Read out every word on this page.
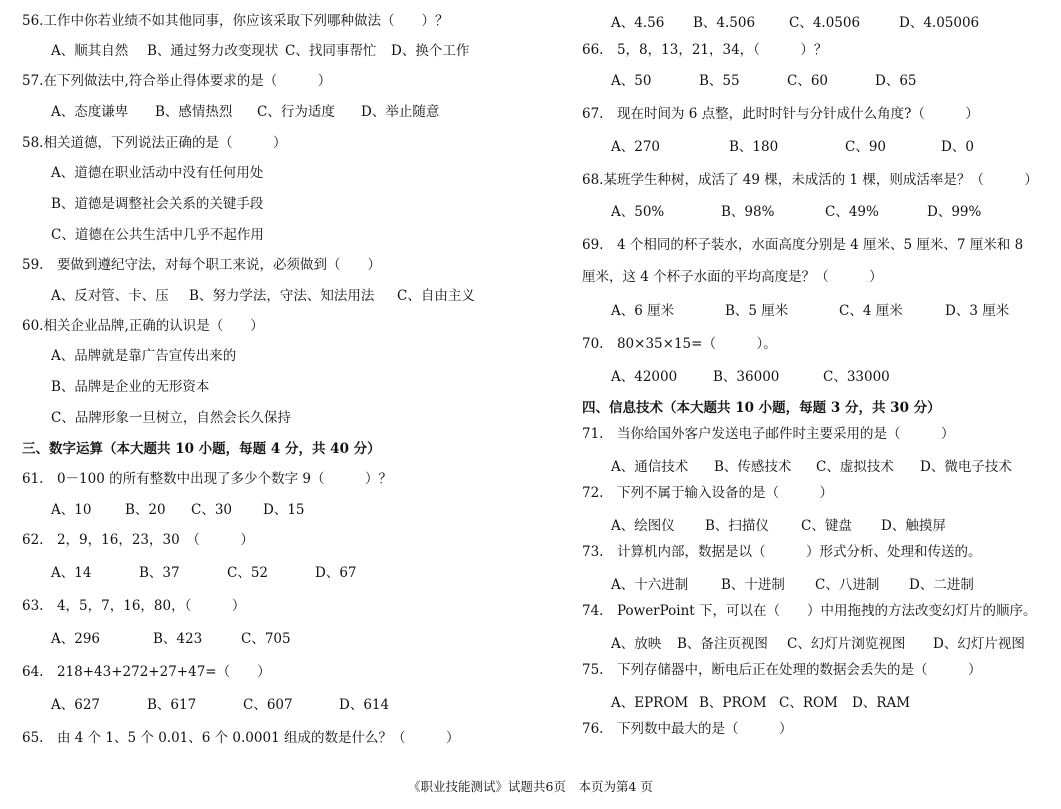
56.工作中你若业绩不如其他同事，你应该采取下列哪种做法（　　）？
A、顺其自然	B、通过努力改变现状 C、找同事帮忙	D、换个工作
57.在下列做法中,符合举止得体要求的是（　　　）
A、态度谦卑	B、感情热烈	C、行为适度	D、举止随意
58.相关道德，下列说法正确的是（　　　）
A、道德在职业活动中没有任何用处
B、道德是调整社会关系的关键手段
C、道德在公共生活中几乎不起作用
59.　要做到遵纪守法，对每个职工来说，必须做到（　　）
A、反对管、卡、压	B、努力学法，守法、知法用法	C、自由主义
60.相关企业品牌,正确的认识是（　　）
A、品牌就是靠广告宣传出来的
B、品牌是企业的无形资本
C、品牌形象一旦树立，自然会长久保持
三、数字运算（本大题共 10 小题，每题 4 分，共 40 分）
61.　0－100 的所有整数中出现了多少个数字 9（　　　）？
A、10	B、20	C、30	D、15
62.　2，9，16，23，30　（　　　）
A、14	B、37	C、52	D、67
63.　4，5，7，16，80，（　　　）
A、296	B、423	C、705
64.　218+43+272+27+47=（　　）
A、627	B、617	C、607	D、614
65.　由 4 个 1、5 个 0.01、6 个 0.0001 组成的数是什么？（　　　）
A、4.56	B、4.506	C、4.0506	D、4.05006
66.　5，8，13，21，34，（　　　）？
A、50	B、55	C、60	D、65
67.　现在时间为 6 点整，此时时针与分针成什么角度?（　　　）
A、270	B、180	C、90	D、0
68.某班学生种树，成活了 49 棵，未成活的 1 棵，则成活率是？（　　　）
A、50%	B、98%	C、49%	D、99%
69.　4 个相同的杯子装水，水面高度分别是 4 厘米、5 厘米、7 厘米和 8
厘米，这 4 个杯子水面的平均高度是？（　　　）
A、6 厘米	B、5 厘米	C、4 厘米	D、3 厘米
70.　80×35×15=（　　　）。
A、42000	B、36000	C、33000
四、信息技术（本大题共 10 小题，每题 3 分，共 30 分）
71.　当你给国外客户发送电子邮件时主要采用的是（　　　）
A、通信技术	B、传感技术	C、虚拟技术	D、微电子技术
72.　下列不属于输入设备的是（　　　）
A、绘图仪	B、扫描仪	C、键盘	D、触摸屏
73.　计算机内部，数据是以（　　　）形式分析、处理和传送的。
A、十六进制	B、十进制	C、八进制	D、二进制
74.　PowerPoint 下，可以在（　　）中用拖拽的方法改变幻灯片的顺序。
A、放映	B、备注页视图	C、幻灯片浏览视图	D、幻灯片视图
75.　下列存储器中，断电后正在处理的数据会丢失的是（　　　）
A、EPROM B、PROM C、ROM	D、RAM
76.　下列数中最大的是（　　　）
《职业技能测试》试题共6页　本页为第4 页
